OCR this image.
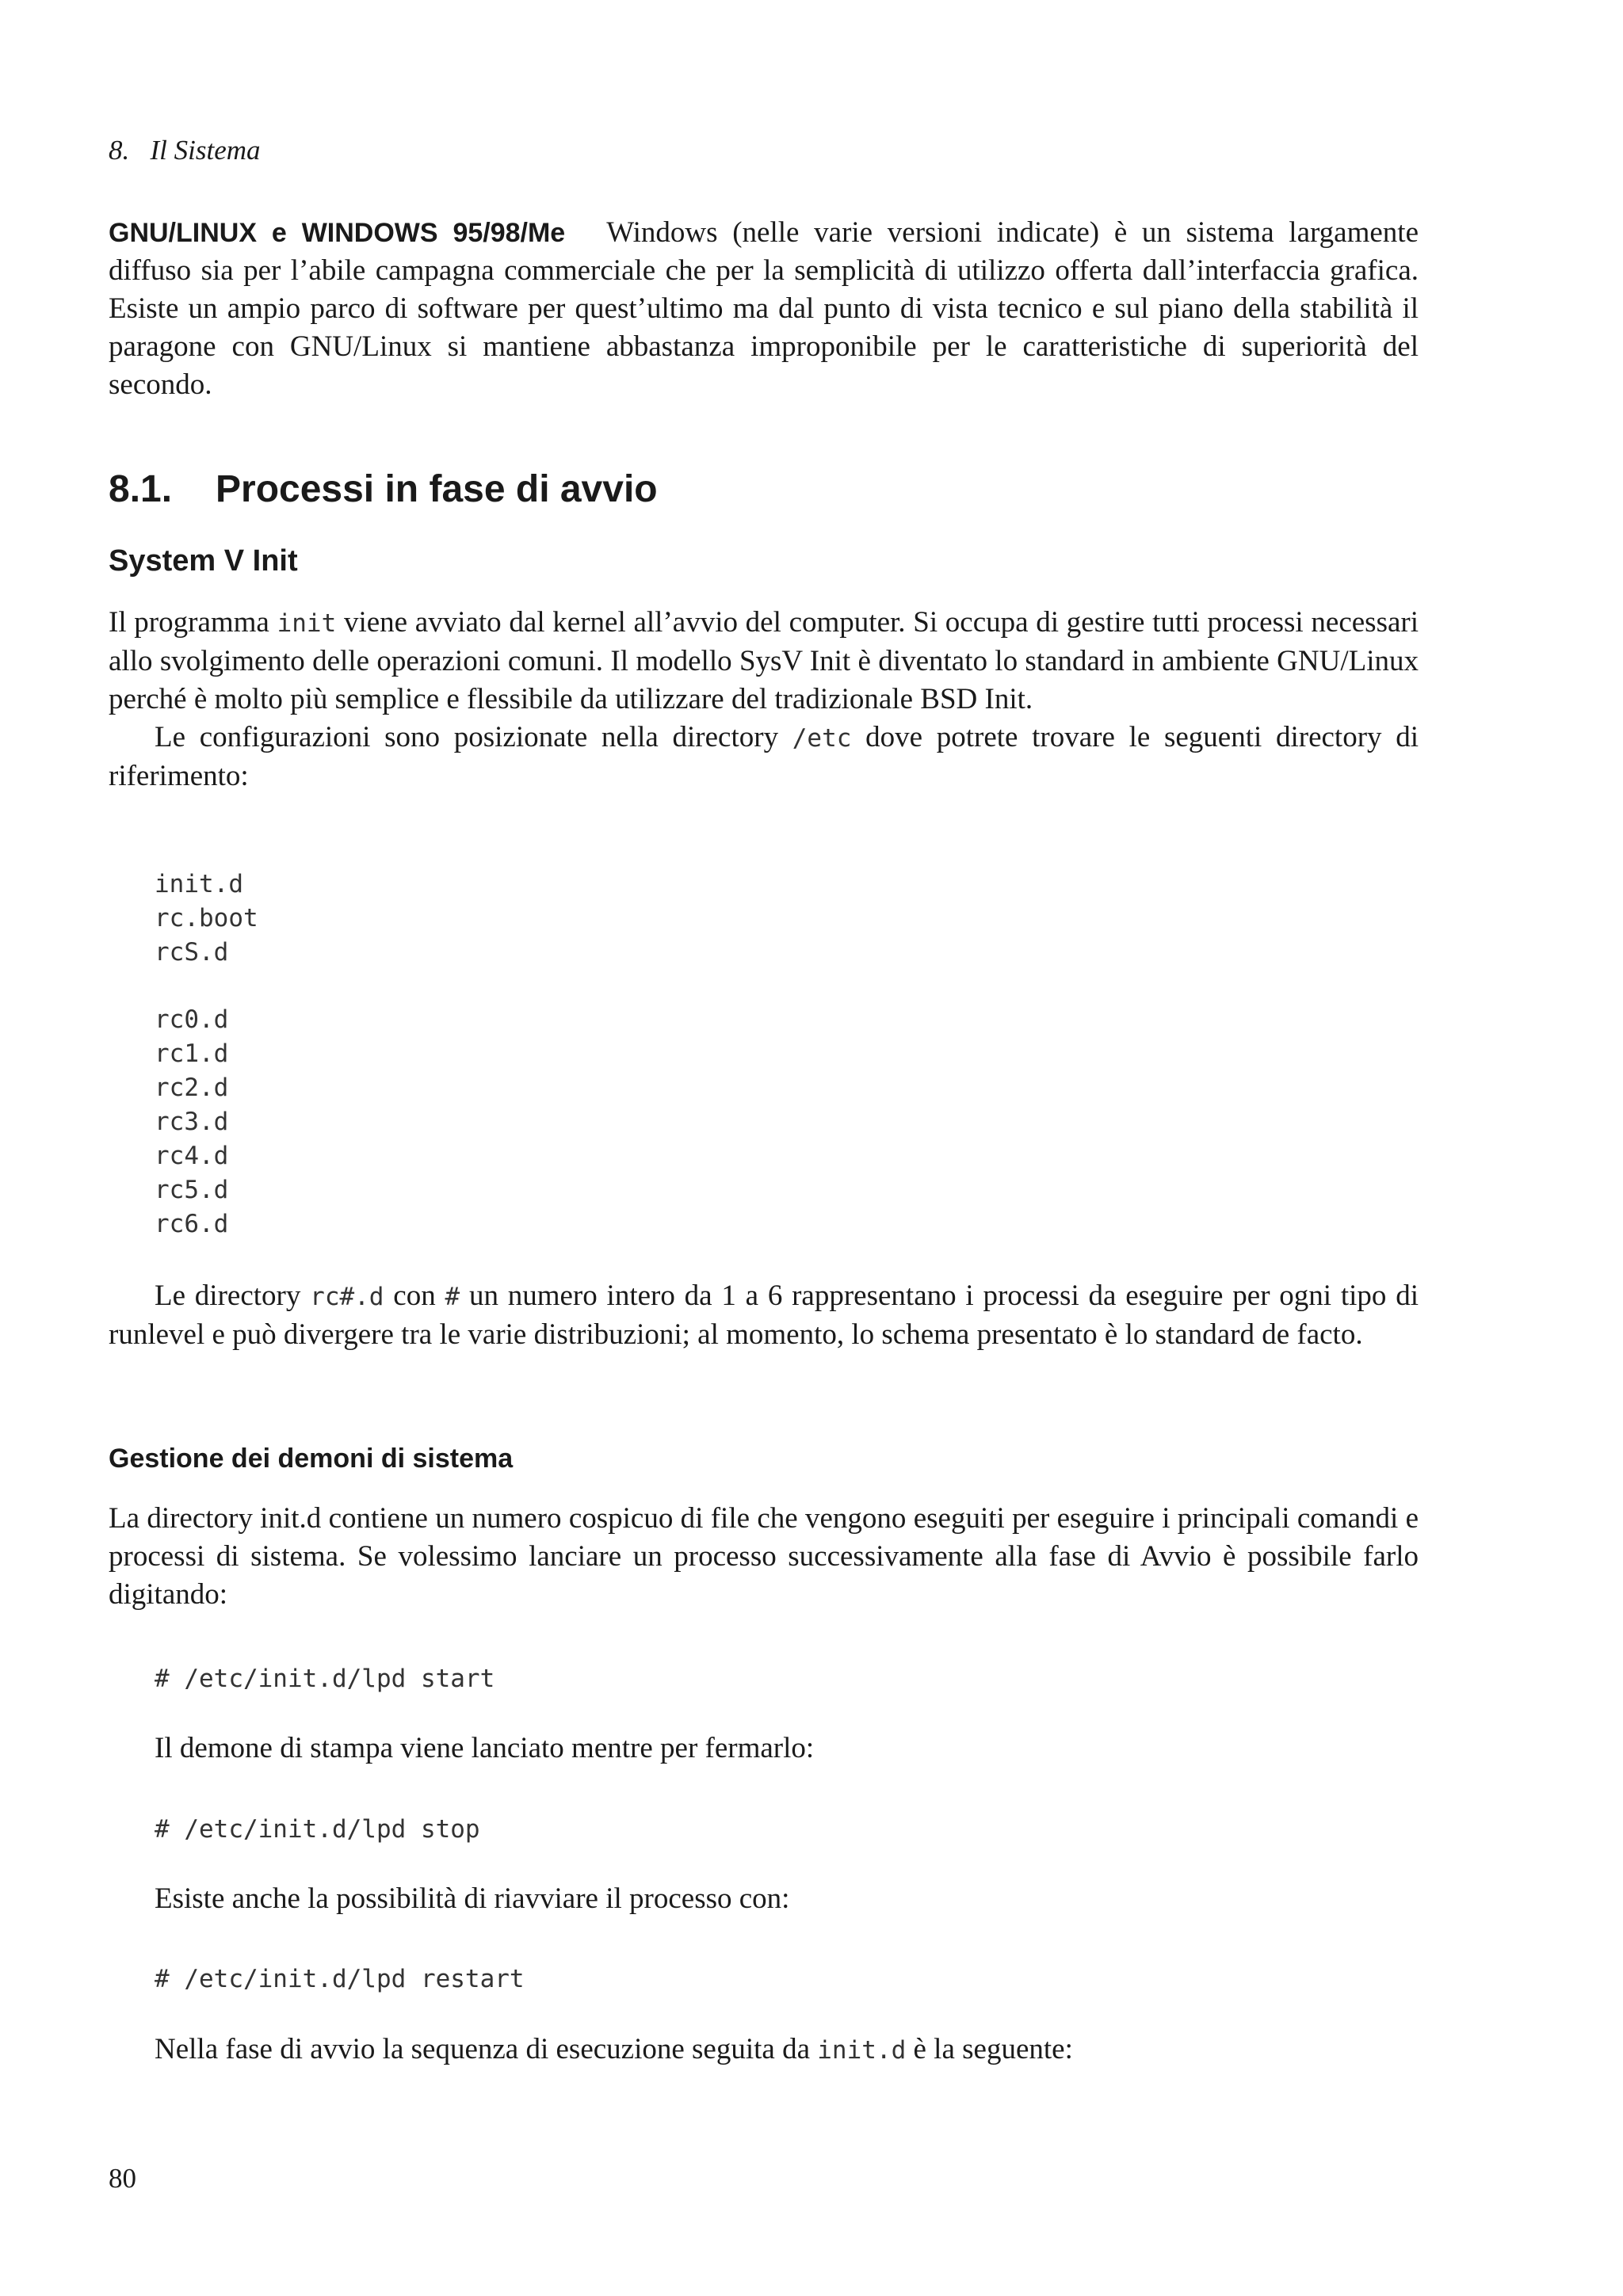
8. Il Sistema

GNU/LINUX e WINDOWS 95/98/Me Windows (nelle varie versioni indicate) è un sistema largamente diffuso sia per l’abile campagna commerciale che per la semplicità di utilizzo offerta dall’interfaccia grafica. Esiste un ampio parco di software per quest’ultimo ma dal punto di vista tecnico e sul piano della stabilità il paragone con GNU/Linux si mantiene abbastanza improponibile per le caratteristiche di superiorità del secondo.

8.1. Processi in fase di avvio
System V Init

Il programma init viene avviato dal kernel all’avvio del computer. Si occupa di gestire tutti processi necessari allo svolgimento delle operazioni comuni. Il modello SysV Init è diventato lo standard in ambiente GNU/Linux perché è molto più semplice e flessibile da utilizzare del tradizionale BSD Init.

Le configurazioni sono posizionate nella directory /etc dove potrete trovare le seguenti directory di riferimento:

init.d
rc.boot
rcS.d
rc0.d
rc1.d
rc2.d
rc3.d
rc4.d
rc5.d
rc6.d

Le directory rc#.d con # un numero intero da 1 a 6 rappresentano i processi da eseguire per ogni tipo di runlevel e può divergere tra le varie distribuzioni; al momento, lo schema presentato è lo standard de facto.

Gestione dei demoni di sistema

La directory init.d contiene un numero cospicuo di file che vengono eseguiti per eseguire i principali comandi e processi di sistema. Se volessimo lanciare un processo successivamente alla fase di Avvio è possibile farlo digitando:

# /etc/init.d/lpd start
Il demone di stampa viene lanciato mentre per fermarlo:
# /etc/init.d/lpd stop
Esiste anche la possibilità di riavviare il processo con:
# /etc/init.d/lpd restart
Nella fase di avvio la sequenza di esecuzione seguita da init.d è la seguente:
80
